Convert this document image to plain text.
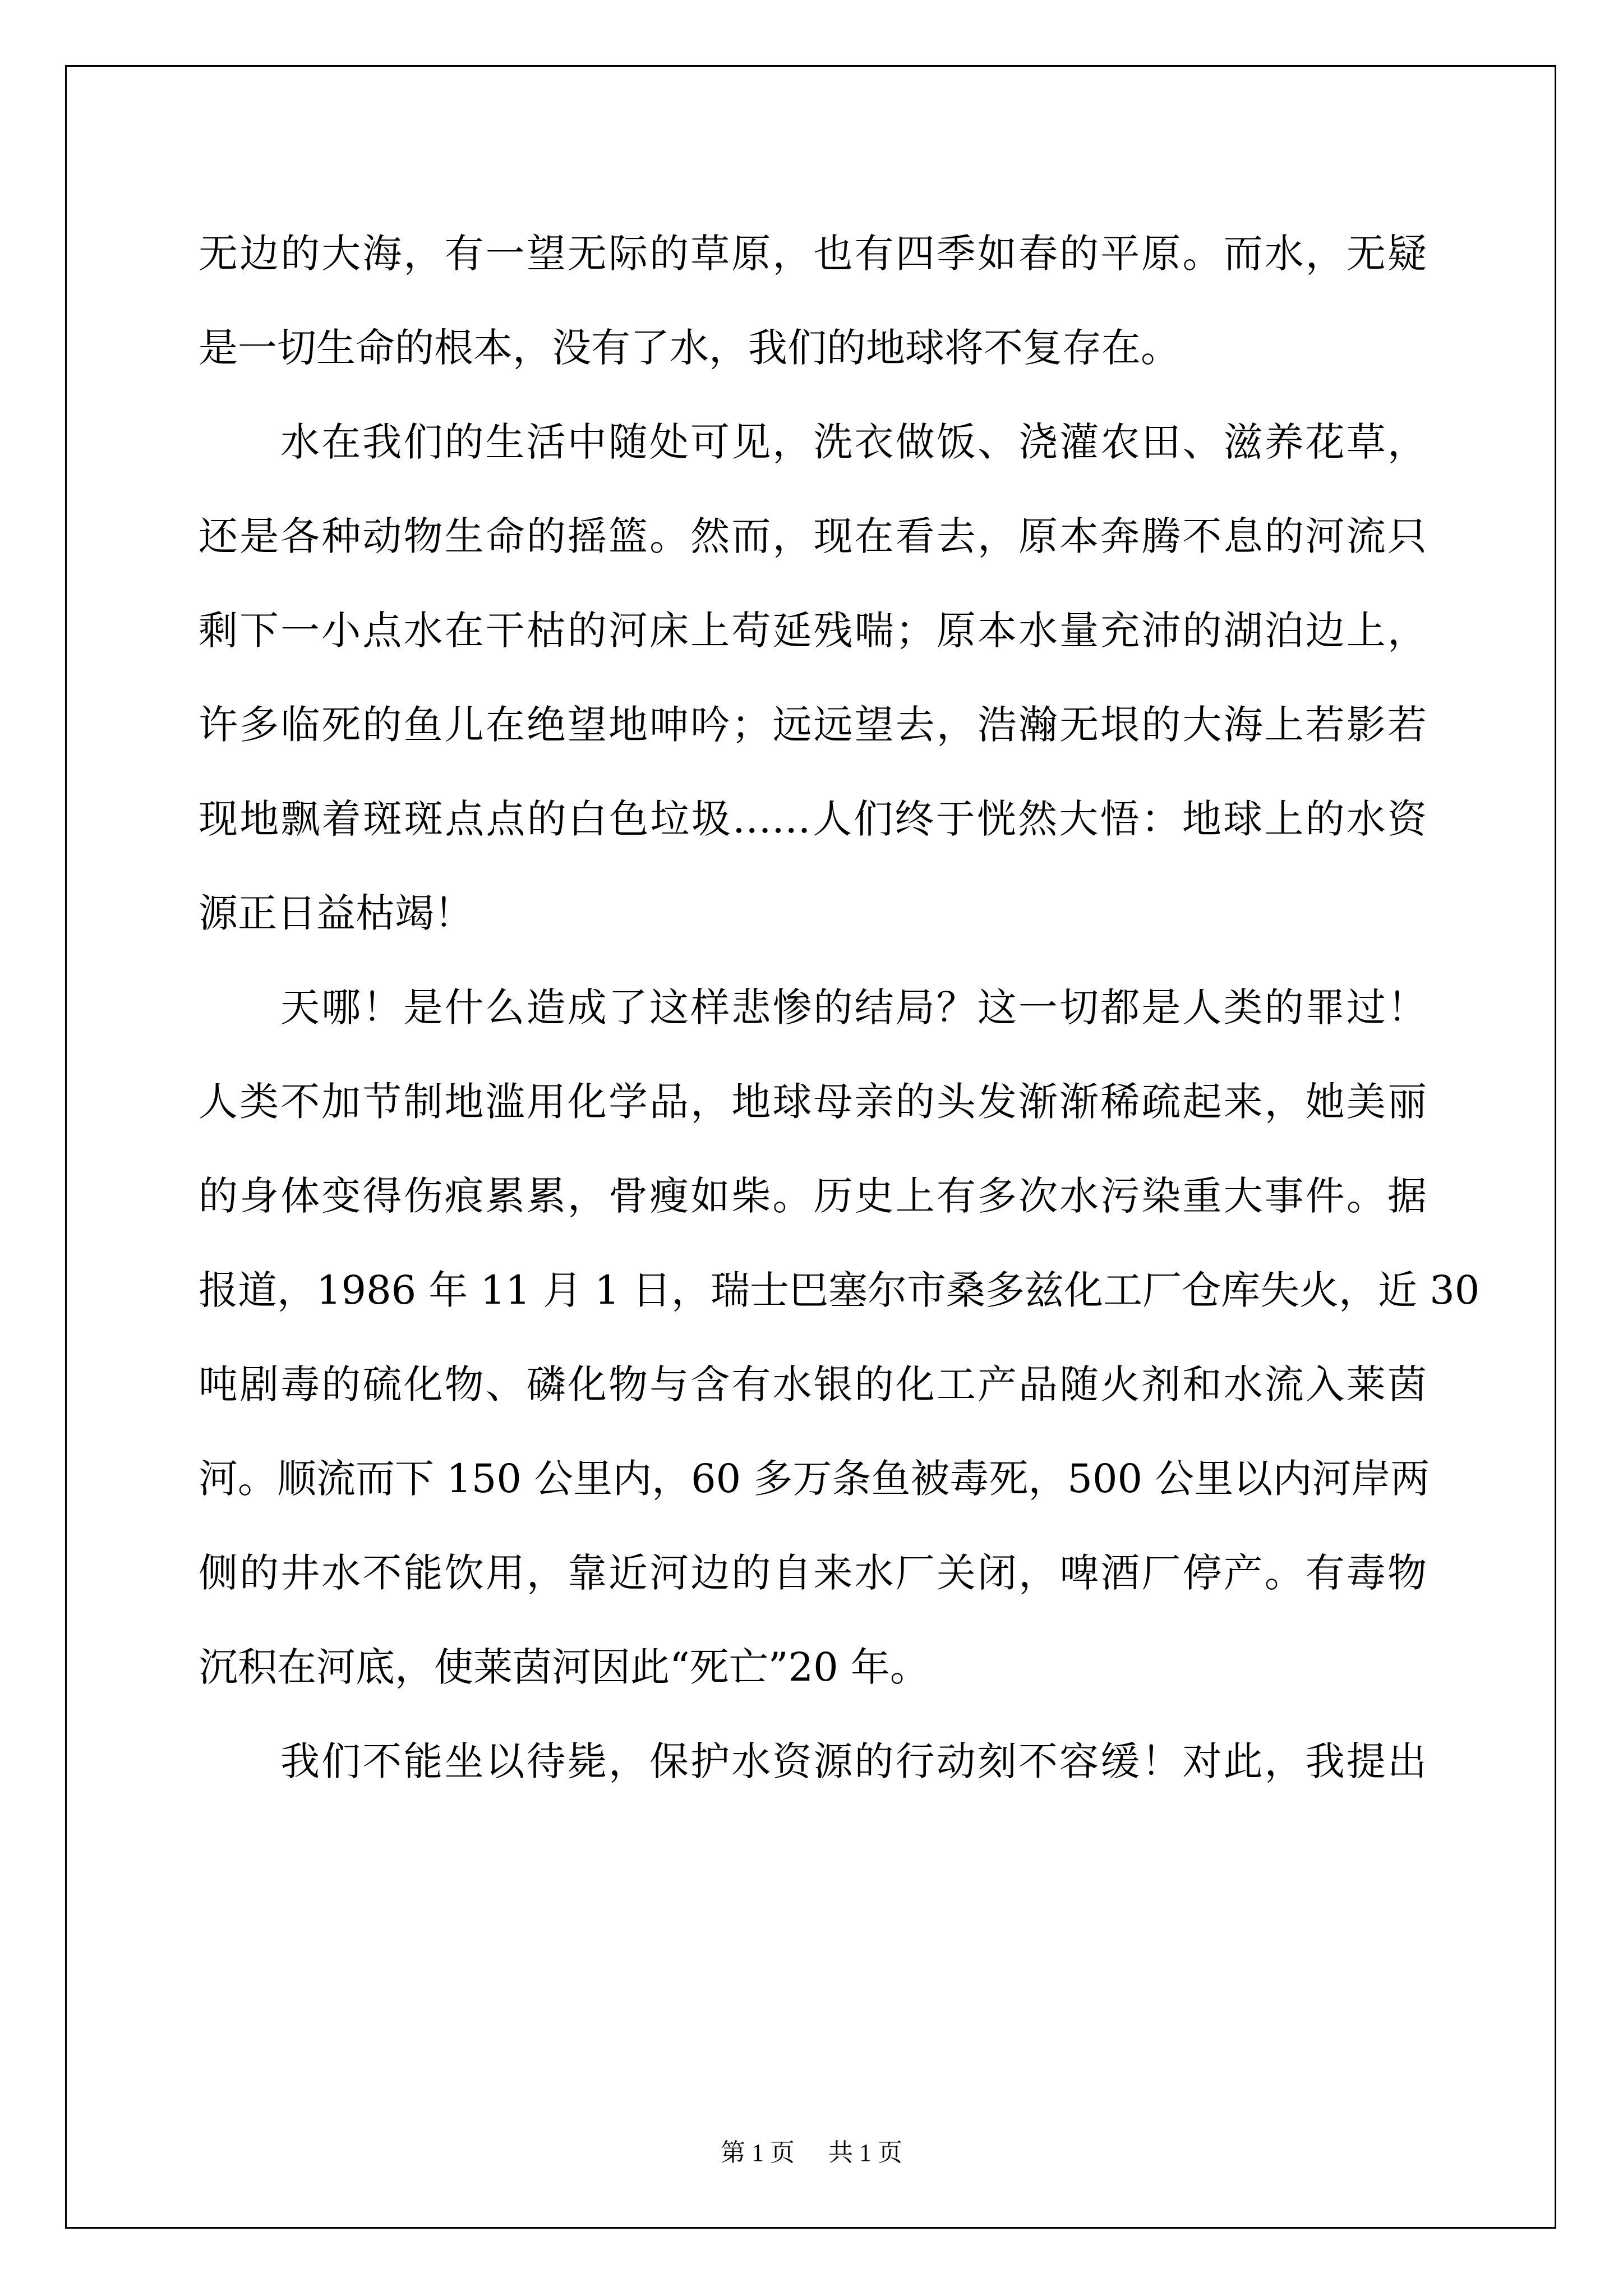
无边的大海，有一望无际的草原，也有四季如春的平原。而水，无疑
是一切生命的根本，没有了水，我们的地球将不复存在。
水在我们的生活中随处可见，洗衣做饭、浇灌农田、滋养花草，
还是各种动物生命的摇篮。然而，现在看去，原本奔腾不息的河流只
剩下一小点水在干枯的河床上苟延残喘；原本水量充沛的湖泊边上，
许多临死的鱼儿在绝望地呻吟；远远望去，浩瀚无垠的大海上若影若
现地飘着斑斑点点的白色垃圾……人们终于恍然大悟：地球上的水资
源正日益枯竭！
天哪！是什么造成了这样悲惨的结局？这一切都是人类的罪过！
人类不加节制地滥用化学品，地球母亲的头发渐渐稀疏起来，她美丽
的身体变得伤痕累累，骨瘦如柴。历史上有多次水污染重大事件。据
报道，1986 年 11 月 1 日，瑞士巴塞尔市桑多兹化工厂仓库失火，近 30
吨剧毒的硫化物、磷化物与含有水银的化工产品随火剂和水流入莱茵
河。顺流而下 150 公里内，60 多万条鱼被毒死，500 公里以内河岸两
侧的井水不能饮用，靠近河边的自来水厂关闭，啤酒厂停产。有毒物
沉积在河底，使莱茵河因此“死亡”20 年。
我们不能坐以待毙，保护水资源的行动刻不容缓！对此，我提出
第 1 页 共 1 页
